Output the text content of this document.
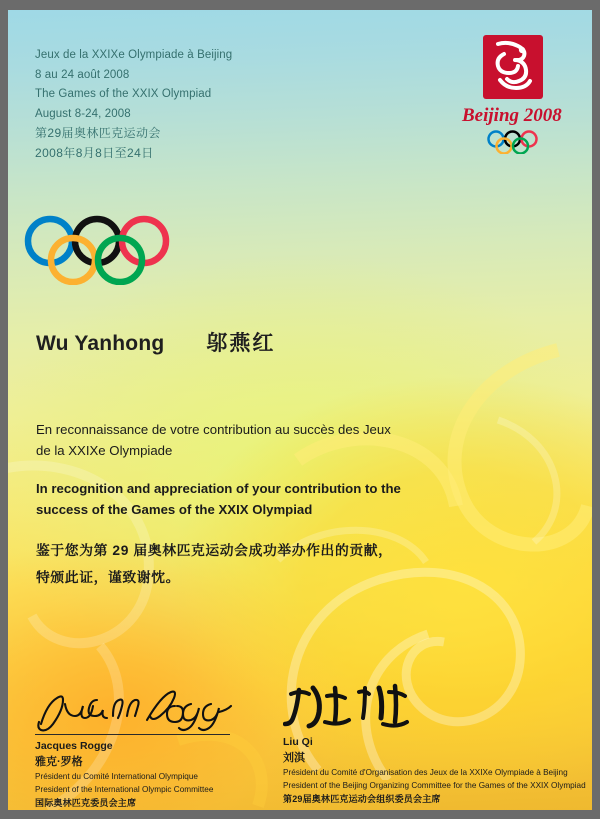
Jeux de la XXIXe Olympiade à Beijing
8 au 24 août 2008
The Games of the XXIX Olympiad
August 8-24, 2008
第29届奥林匹克运动会
2008年8月8日至24日
Beijing 2008
Wu Yanhong 邬燕红
En reconnaissance de votre contribution au succès des Jeux
de la XXIXe Olympiade
In recognition and appreciation of your contribution to the
success of the Games of the XXIX Olympiad
鉴于您为第 29 届奥林匹克运动会成功举办作出的贡献，
特颁此证，谨致谢忱。
Jacques Rogge
雅克·罗格
Président du Comité International Olympique
President of the International Olympic Committee
国际奥林匹克委员会主席
Liu Qi
刘淇
Président du Comité d'Organisation des Jeux de la XXIXe Olympiade à Beijing
President of the Beijing Organizing Committee for the Games of the XXIX Olympiad
第29届奥林匹克运动会组织委员会主席
